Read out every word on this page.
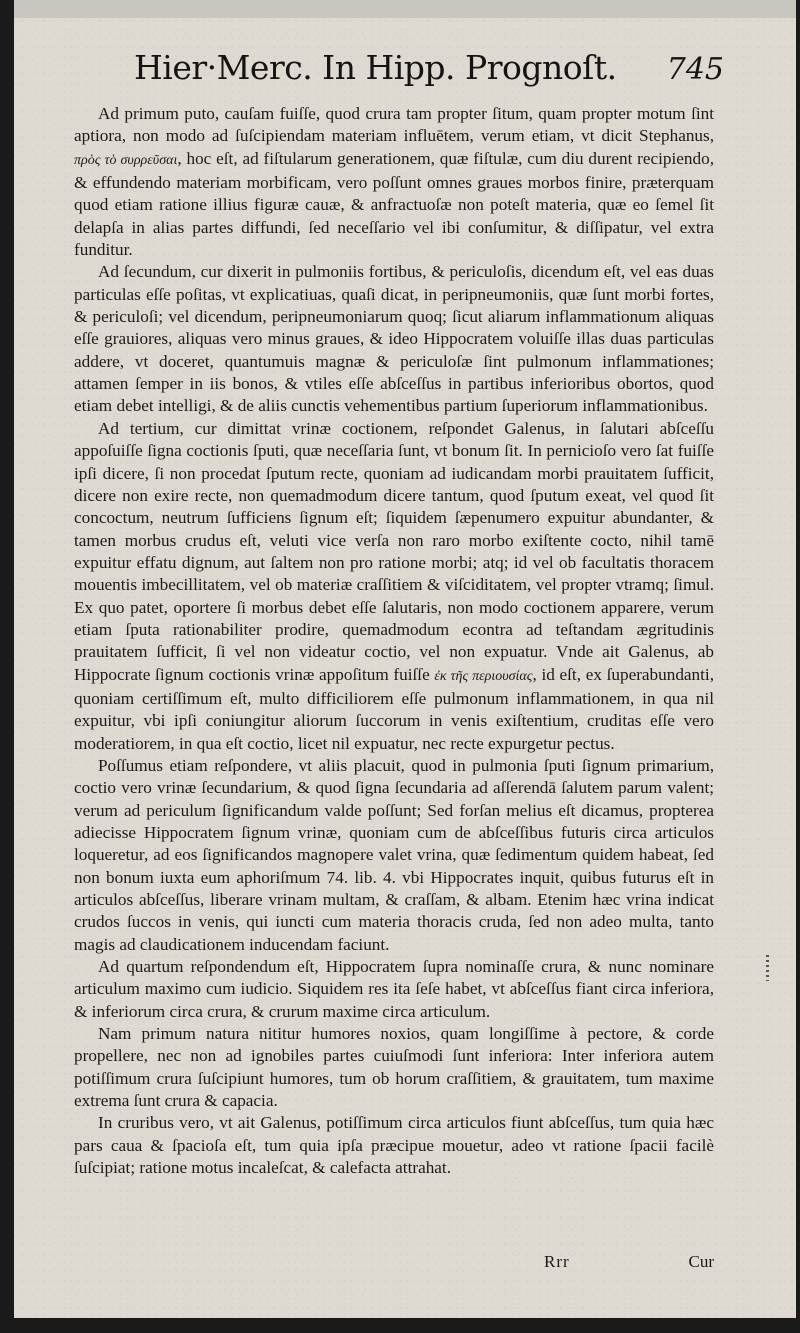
Hier·Merc. In Hipp. Prognoſt. 745

Ad primum puto, cauſam fuiſſe, quod crura tam propter ſitum, quam propter motum ſint aptiora, non modo ad ſuſcipiendam materiam influētem, verum etiam, vt dicit Stephanus, πρὸς τὸ συρρεῦσαι, hoc eſt, ad fiſtularum generationem, quæ fiſtulæ, cum diu durent recipiendo, & effundendo materiam morbificam, vero poſſunt omnes graues morbos finire, præterquam quod etiam ratione illius figuræ cauæ, & anfractuoſæ non poteſt materia, quæ eo ſemel ſit delapſa in alias partes diffundi, ſed neceſſario vel ibi conſumitur, & diſſipatur, vel extra funditur.

Ad ſecundum, cur dixerit in pulmoniis fortibus, & periculoſis, dicendum eſt, vel eas duas particulas eſſe poſitas, vt explicatiuas, quaſi dicat, in peripneumoniis, quæ ſunt morbi fortes, & periculoſi; vel dicendum, peripneumoniarum quoq; ſicut aliarum inflammationum aliquas eſſe grauiores, aliquas vero minus graues, & ideo Hippocratem voluiſſe illas duas particulas addere, vt doceret, quantumuis magnæ & periculoſæ ſint pulmonum inflammationes; attamen ſemper in iis bonos, & vtiles eſſe abſceſſus in partibus inferioribus obortos, quod etiam debet intelligi, & de aliis cunctis vehementibus partium ſuperiorum inflammationibus.

Ad tertium, cur dimittat vrinæ coctionem, reſpondet Galenus, in ſalutari abſceſſu appoſuiſſe ſigna coctionis ſputi, quæ neceſſaria ſunt, vt bonum ſit. In pernicioſo vero ſat fuiſſe ipſi dicere, ſi non procedat ſputum recte, quoniam ad iudicandam morbi prauitatem ſufficit, dicere non exire recte, non quemadmodum dicere tantum, quod ſputum exeat, vel quod ſit concoctum, neutrum ſufficiens ſignum eſt; ſiquidem ſæpenumero expuitur abundanter, & tamen morbus crudus eſt, veluti vice verſa non raro morbo exiſtente cocto, nihil tamē expuitur effatu dignum, aut ſaltem non pro ratione morbi; atq; id vel ob facultatis thoracem mouentis imbecillitatem, vel ob materiæ craſſitiem & viſciditatem, vel propter vtramq; ſimul. Ex quo patet, oportere ſi morbus debet eſſe ſalutaris, non modo coctionem apparere, verum etiam ſputa rationabiliter prodire, quemadmodum econtra ad teſtandam ægritudinis prauitatem ſufficit, ſi vel non videatur coctio, vel non expuatur. Vnde ait Galenus, ab Hippocrate ſignum coctionis vrinæ appoſitum fuiſſe ἐκ τῆς περιουσίας, id eſt, ex ſuperabundanti, quoniam certiſſimum eſt, multo difficiliorem eſſe pulmonum inflammationem, in qua nil expuitur, vbi ipſi coniungitur aliorum ſuccorum in venis exiſtentium, cruditas eſſe vero moderatiorem, in qua eſt coctio, licet nil expuatur, nec recte expurgetur pectus.

Poſſumus etiam reſpondere, vt aliis placuit, quod in pulmonia ſputi ſignum primarium, coctio vero vrinæ ſecundarium, & quod ſigna ſecundaria ad aſſerendā ſalutem parum valent; verum ad periculum ſignificandum valde poſſunt; Sed forſan melius eſt dicamus, propterea adiecisse Hippocratem ſignum vrinæ, quoniam cum de abſceſſibus futuris circa articulos loqueretur, ad eos ſignificandos magnopere valet vrina, quæ ſedimentum quidem habeat, ſed non bonum iuxta eum aphoriſmum 74. lib. 4. vbi Hippocrates inquit, quibus futurus eſt in articulos abſceſſus, liberare vrinam multam, & craſſam, & albam. Etenim hæc vrina indicat crudos ſuccos in venis, qui iuncti cum materia thoracis cruda, ſed non adeo multa, tanto magis ad claudicationem inducendam faciunt.

Ad quartum reſpondendum eſt, Hippocratem ſupra nominaſſe crura, & nunc nominare articulum maximo cum iudicio. Siquidem res ita ſeſe habet, vt abſceſſus fiant circa inferiora, & inferiorum circa crura, & crurum maxime circa articulum.

Nam primum natura nititur humores noxios, quam longiſſime à pectore, & corde propellere, nec non ad ignobiles partes cuiuſmodi ſunt inferiora: Inter inferiora autem potiſſimum crura ſuſcipiunt humores, tum ob horum craſſitiem, & grauitatem, tum maxime extrema ſunt crura & capacia.

In cruribus vero, vt ait Galenus, potiſſimum circa articulos fiunt abſceſſus, tum quia hæc pars caua & ſpacioſa eſt, tum quia ipſa præcipue mouetur, adeo vt ratione ſpacii facilè ſuſcipiat; ratione motus incaleſcat, & calefacta attrahat.

Rrr	Cur
